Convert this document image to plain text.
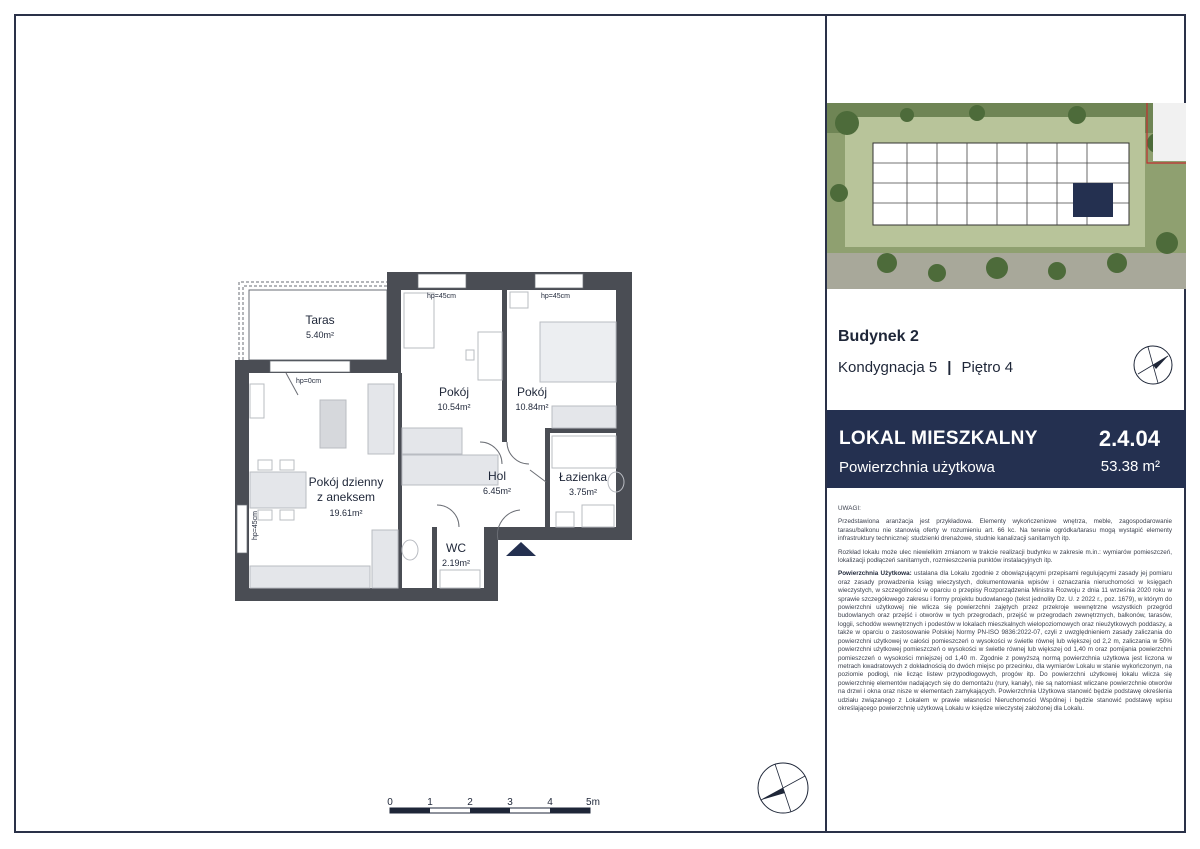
hp=45cm	hp=45cm
hp=0cm
hp=45cm
Taras
5.40m²
Pokój
10.54m²
Pokój
10.84m²
Pokój dzienny
z aneksem
19.61m²
Hol
6.45m²
Łazienka
3.75m²
WC
2.19m²
Budynek 2
Kondygnacja 5 | Piętro 4
LOKAL MIESZKALNY	2.4.04
Powierzchnia użytkowa	53.38 m²

UWAGI:

Przedstawiona aranżacja jest przykładowa. Elementy wykończeniowe wnętrza, meble, zagospodarowanie tarasu/balkonu nie stanowią oferty w rozumieniu art. 66 kc. Na terenie ogródka/tarasu mogą wystąpić elementy infrastruktury technicznej: studzienki drenażowe, studnie kanalizacji sanitarnych itp.

Rozkład lokalu może ulec niewielkim zmianom w trakcie realizacji budynku w zakresie m.in.: wymiarów pomieszczeń, lokalizacji podłączeń sanitarnych, rozmieszczenia punktów instalacyjnych itp.

Powierzchnia Użytkowa: ustalana dla Lokalu zgodnie z obowiązującymi przepisami regulującymi zasady jej pomiaru oraz zasady prowadzenia ksiąg wieczystych, dokumentowania wpisów i oznaczania nieruchomości w księgach wieczystych, w szczególności w oparciu o przepisy Rozporządzenia Ministra Rozwoju z dnia 11 września 2020 roku w sprawie szczegółowego zakresu i formy projektu budowlanego (tekst jednolity Dz. U. z 2022 r., poz. 1679), w którym do powierzchni użytkowej nie wlicza się powierzchni zajętych przez przekroje wewnętrzne wszystkich przegród budowlanych oraz przejść i otworów w tych przegrodach, przejść w przegrodach zewnętrznych, balkonów, tarasów, loggii, schodów wewnętrznych i podestów w lokalach mieszkalnych wielopoziomowych oraz nieużytkowych poddaszy, a także w oparciu o zastosowanie Polskiej Normy PN-ISO 9836:2022-07, czyli z uwzględnieniem zasady zaliczania do powierzchni użytkowej w całości pomieszczeń o wysokości w świetle równej lub większej od 2,2 m, zaliczania w 50% powierzchni użytkowej pomieszczeń o wysokości w świetle równej lub większej od 1,40 m oraz pomijania powierzchni pomieszczeń o wysokości mniejszej od 1,40 m. Zgodnie z powyższą normą powierzchnia użytkowa jest liczona w metrach kwadratowych z dokładnością do dwóch miejsc po przecinku, dla wymiarów Lokalu w stanie wykończonym, na poziomie podłogi, nie licząc listew przypodłogowych, progów itp. Do powierzchni użytkowej lokalu wlicza się powierzchnię elementów nadających się do demontażu (rury, kanały), nie są natomiast wliczane powierzchnie otworów na drzwi i okna oraz nisze w elementach zamykających. Powierzchnia Użytkowa stanowić będzie podstawę określenia udziału związanego z Lokalem w prawie własności Nieruchomości Wspólnej i będzie stanowić podstawę wpisu określającego powierzchnię użytkową Lokalu w księdze wieczystej założonej dla Lokalu.

0	1	2	3	4	5m
